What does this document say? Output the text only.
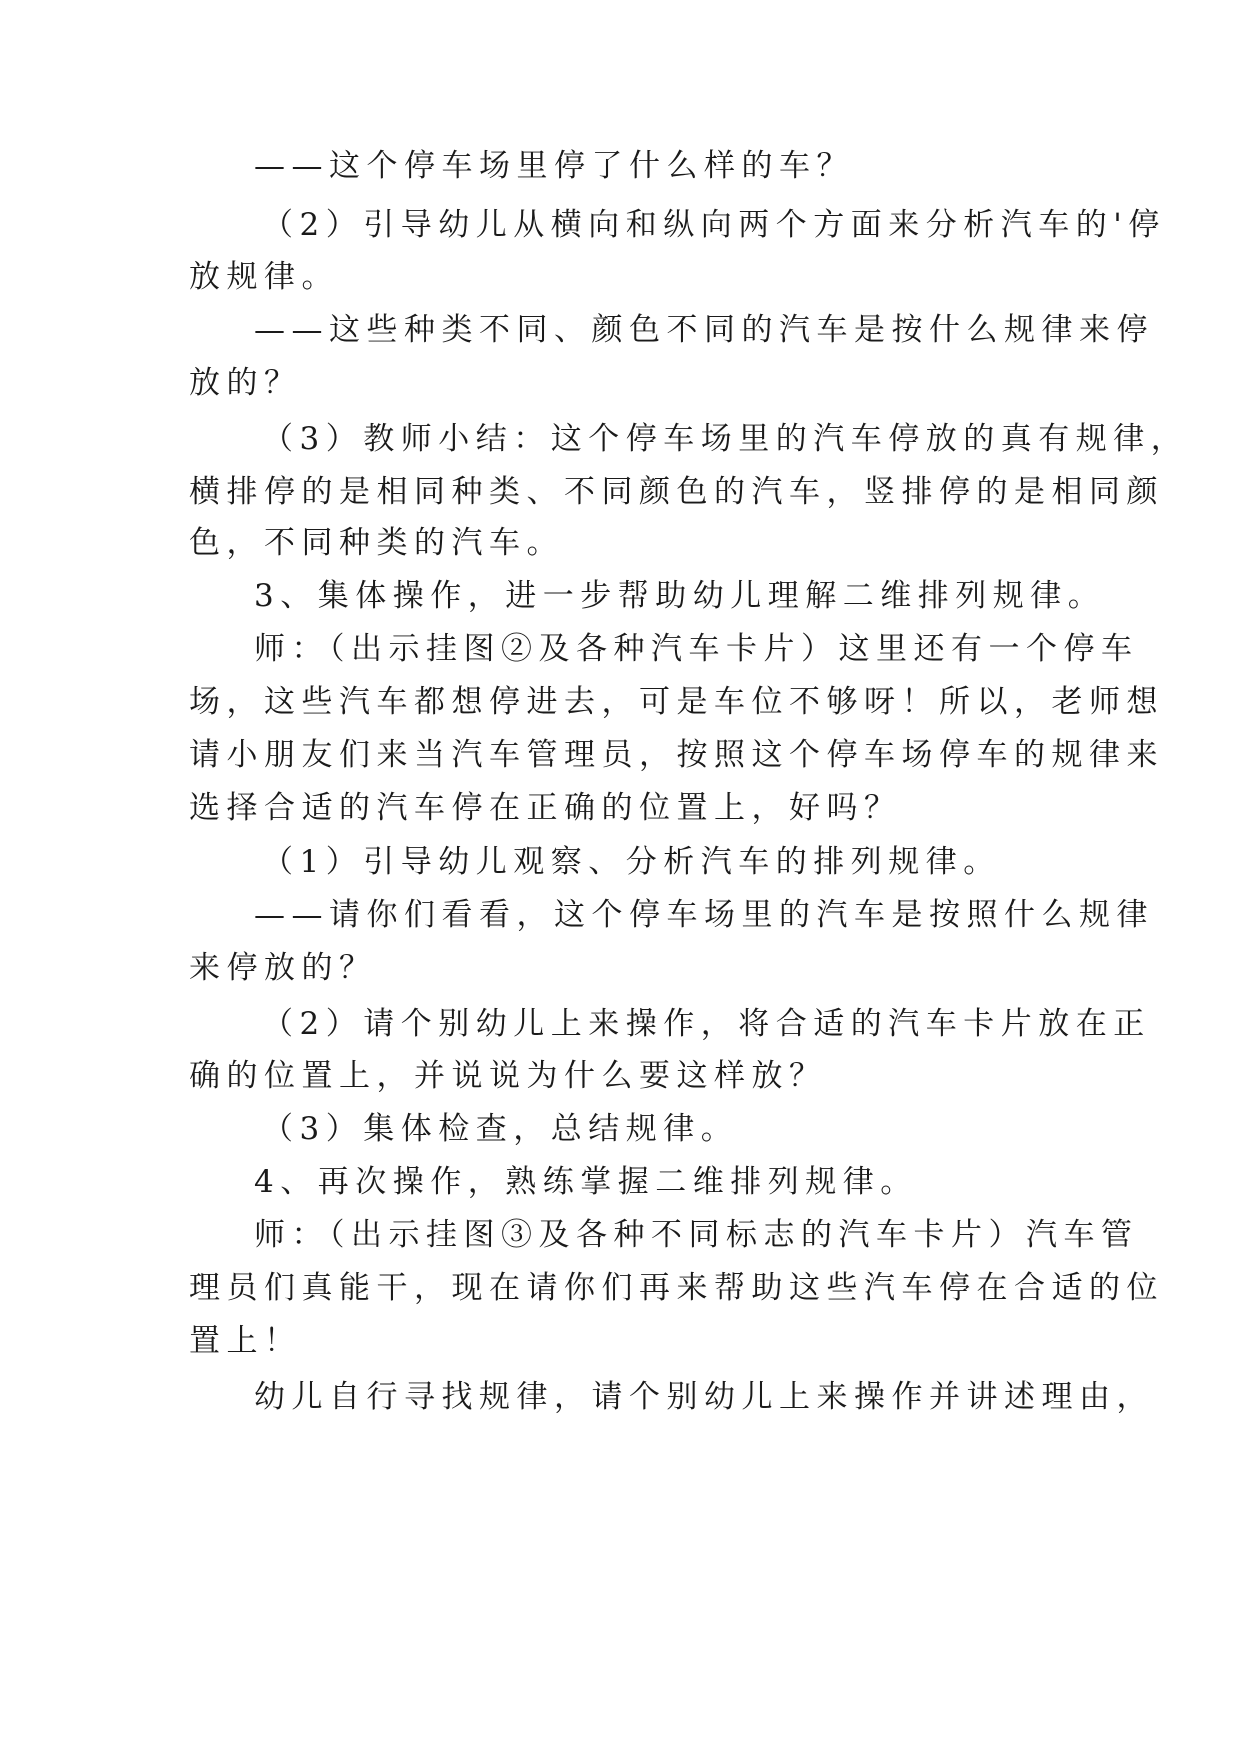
——这个停车场里停了什么样的车？
（2）引导幼儿从横向和纵向两个方面来分析汽车的'停
放规律。
——这些种类不同、颜色不同的汽车是按什么规律来停
放的？
（3）教师小结：这个停车场里的汽车停放的真有规律，
横排停的是相同种类、不同颜色的汽车，竖排停的是相同颜
色，不同种类的汽车。
3、集体操作，进一步帮助幼儿理解二维排列规律。
师：（出示挂图②及各种汽车卡片）这里还有一个停车
场，这些汽车都想停进去，可是车位不够呀！所以，老师想
请小朋友们来当汽车管理员，按照这个停车场停车的规律来
选择合适的汽车停在正确的位置上，好吗？
（1）引导幼儿观察、分析汽车的排列规律。
——请你们看看，这个停车场里的汽车是按照什么规律
来停放的？
（2）请个别幼儿上来操作，将合适的汽车卡片放在正
确的位置上，并说说为什么要这样放？
（3）集体检查，总结规律。
4、再次操作，熟练掌握二维排列规律。
师：（出示挂图③及各种不同标志的汽车卡片）汽车管
理员们真能干，现在请你们再来帮助这些汽车停在合适的位
置上！
幼儿自行寻找规律，请个别幼儿上来操作并讲述理由，
